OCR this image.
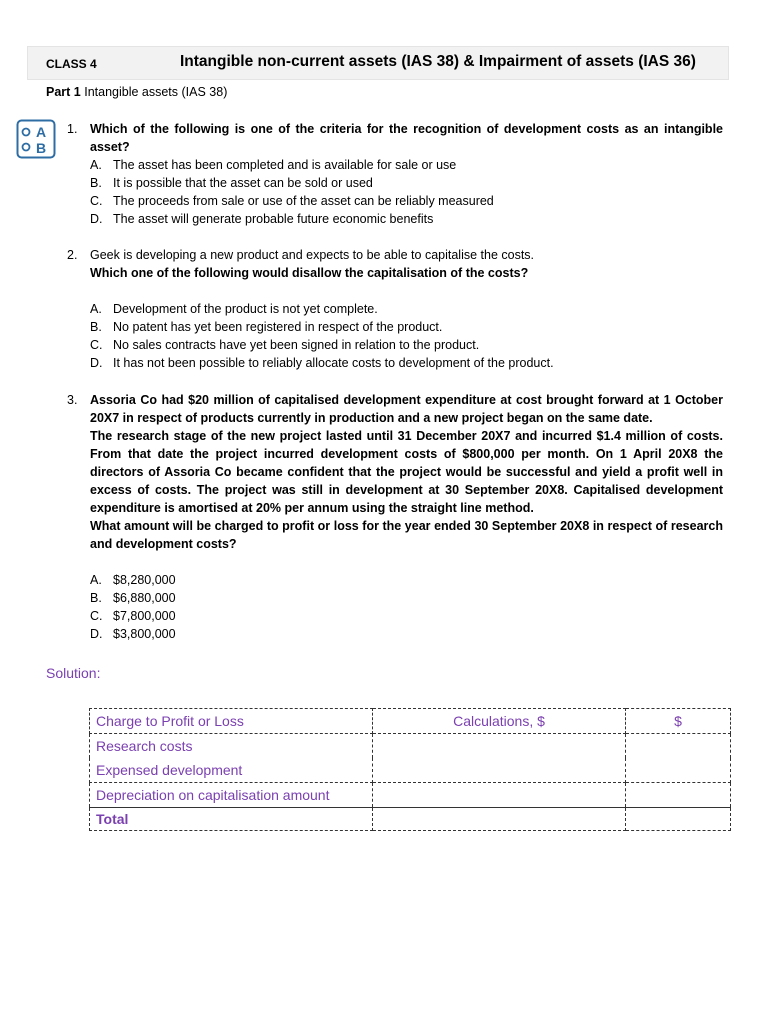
CLASS 4	Intangible non-current assets (IAS 38) & Impairment of assets (IAS 36)
Part 1 Intangible assets (IAS 38)
A
B
1. Which of the following is one of the criteria for the recognition of development costs as an intangible asset?
A. The asset has been completed and is available for sale or use
B. It is possible that the asset can be sold or used
C. The proceeds from sale or use of the asset can be reliably measured
D. The asset will generate probable future economic benefits
2. Geek is developing a new product and expects to be able to capitalise the costs.
Which one of the following would disallow the capitalisation of the costs?
A. Development of the product is not yet complete.
B. No patent has yet been registered in respect of the product.
C. No sales contracts have yet been signed in relation to the product.
D. It has not been possible to reliably allocate costs to development of the product.
3. Assoria Co had $20 million of capitalised development expenditure at cost brought forward at 1 October 20X7 in respect of products currently in production and a new project began on the same date.
The research stage of the new project lasted until 31 December 20X7 and incurred $1.4 million of costs. From that date the project incurred development costs of $800,000 per month. On 1 April 20X8 the directors of Assoria Co became confident that the project would be successful and yield a profit well in excess of costs. The project was still in development at 30 September 20X8. Capitalised development expenditure is amortised at 20% per annum using the straight line method.
What amount will be charged to profit or loss for the year ended 30 September 20X8 in respect of research and development costs?
A. $8,280,000
B. $6,880,000
C. $7,800,000
D. $3,800,000
Solution:
Charge to Profit or Loss	Calculations, $	$
Research costs		
Expensed development		
Depreciation on capitalisation amount		
Total		
